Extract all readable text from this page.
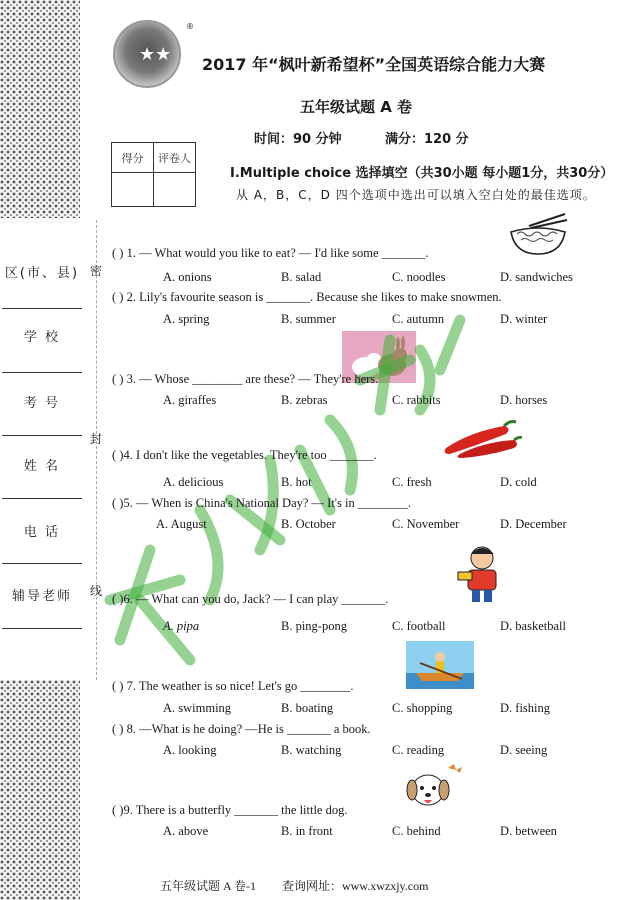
区(市、县)
学 校
考 号
姓 名
电 话
辅导老师
密
封
线
★★
®
2017 年“枫叶新希望杯”全国英语综合能力大赛
五年级试题 A 卷
时间：90 分钟	满分：120 分
得分	评卷人

Ⅰ.Multiple choice 选择填空（共30小题 每小题1分，共30分）
从 A，B，C，D 四个选项中选出可以填入空白处的最佳选项。
( ) 1. — What would you like to eat? — I'd like some _______.
A. onions	B. salad	C. noodles	D. sandwiches
( ) 2. Lily's favourite season is _______. Because she likes to make snowmen.
A. spring	B. summer	C. autumn	D. winter
( ) 3. — Whose ________ are these? — They're hers.
A. giraffes	B. zebras	C. rabbits	D. horses
( )4. I don't like the vegetables. They're too _______.
A. delicious	B. hot	C. fresh	D. cold
( )5. — When is China's National Day? — It's in ________.
A. August	B. October	C. November	D. December
( )6. — What can you do, Jack? — I can play _______.
A. pipa	B. ping-pong	C. football	D. basketball
( ) 7. The weather is so nice! Let's go ________.
A. swimming	B. boating	C. shopping	D. fishing
( ) 8. —What is he doing? —He is _______ a book.
A. looking	B. watching	C. reading	D. seeing
( )9. There is a butterfly _______ the little dog.
A. above	B. in front	C. behind	D. between
五年级试题 A 卷-1 查询网址：www.xwzxjy.com
